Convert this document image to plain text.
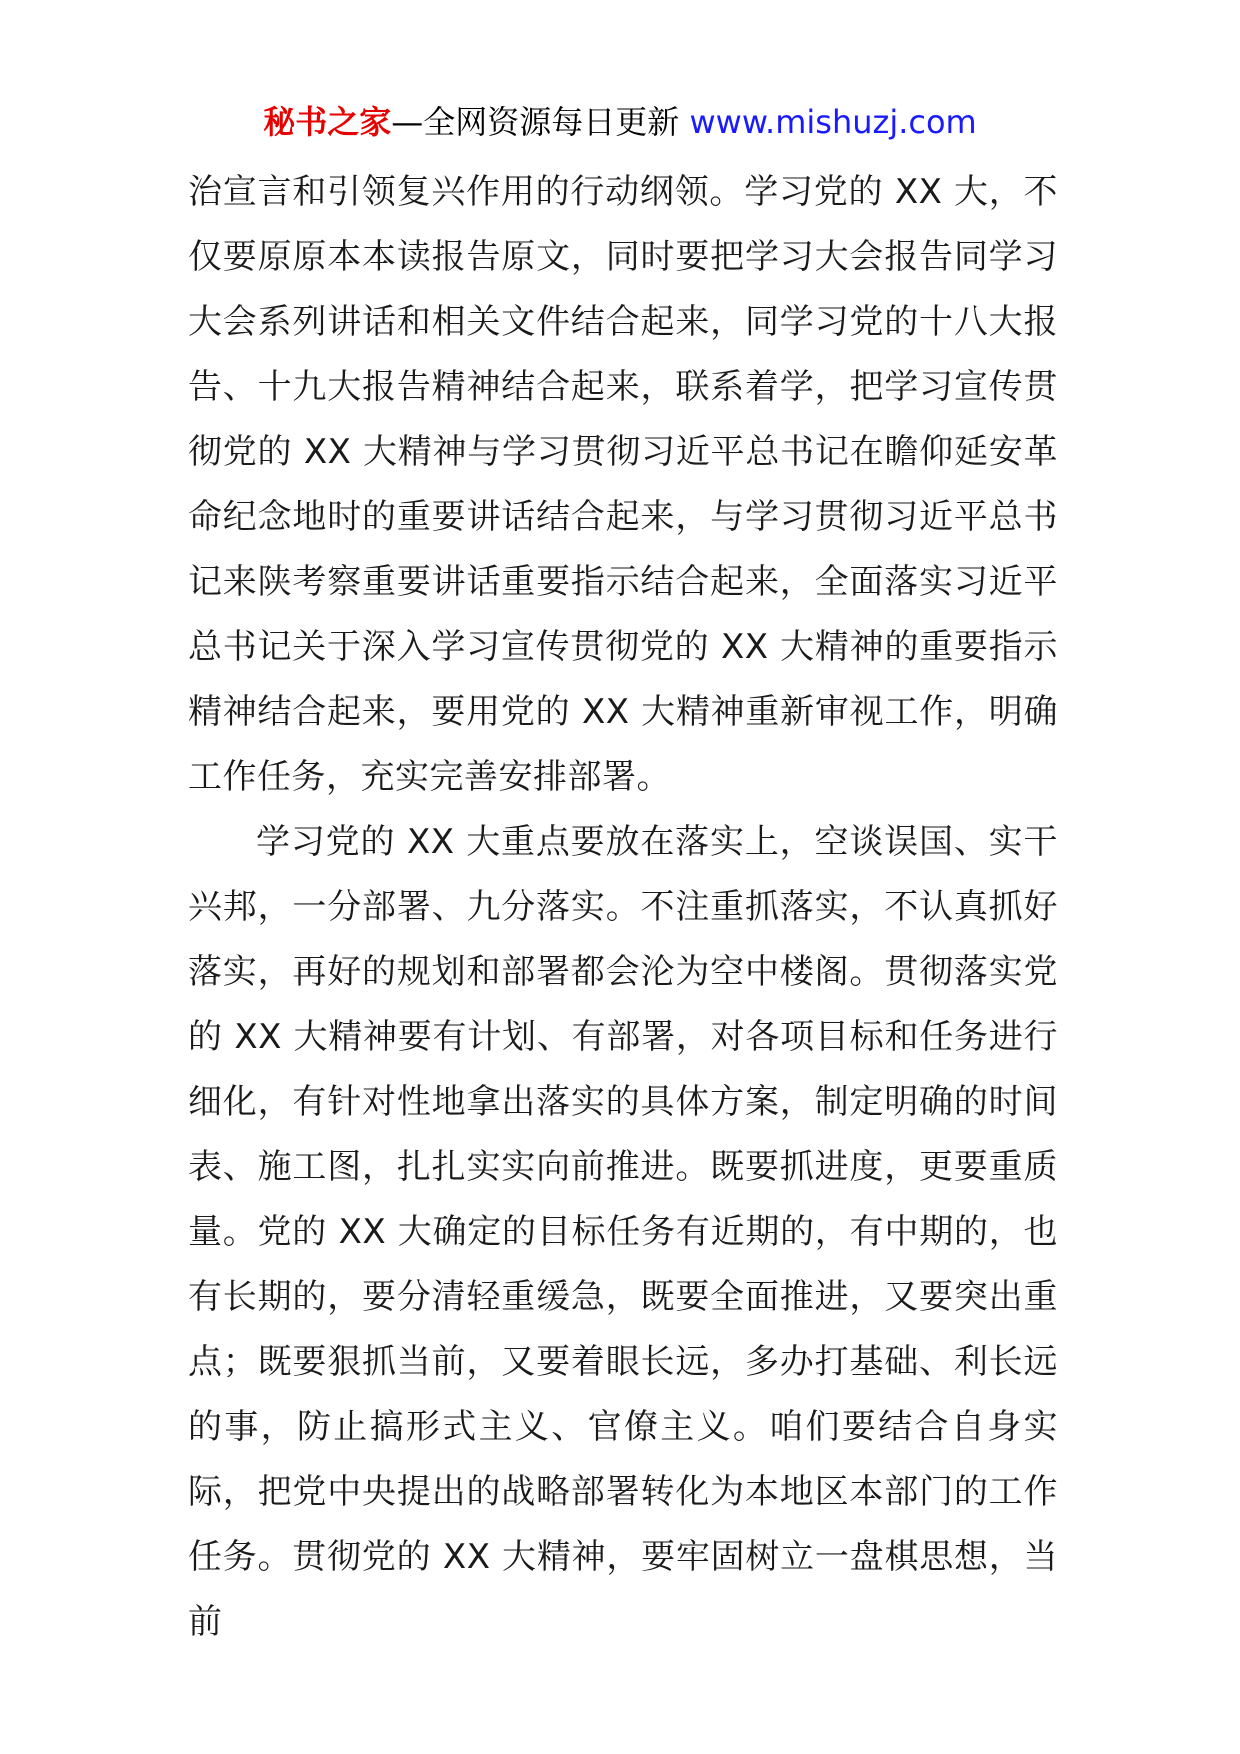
秘书之家—全网资源每日更新 www.mishuzj.com

治宣言和引领复兴作用的行动纲领。学习党的 XX 大，不仅要原原本本读报告原文，同时要把学习大会报告同学习大会系列讲话和相关文件结合起来，同学习党的十八大报告、十九大报告精神结合起来，联系着学，把学习宣传贯彻党的 XX 大精神与学习贯彻习近平总书记在瞻仰延安革命纪念地时的重要讲话结合起来，与学习贯彻习近平总书记来陕考察重要讲话重要指示结合起来，全面落实习近平总书记关于深入学习宣传贯彻党的 XX 大精神的重要指示精神结合起来，要用党的 XX 大精神重新审视工作，明确工作任务，充实完善安排部署。

学习党的 XX 大重点要放在落实上，空谈误国、实干兴邦，一分部署、九分落实。不注重抓落实，不认真抓好落实，再好的规划和部署都会沦为空中楼阁。贯彻落实党的 XX 大精神要有计划、有部署，对各项目标和任务进行细化，有针对性地拿出落实的具体方案，制定明确的时间表、施工图，扎扎实实向前推进。既要抓进度，更要重质量。党的 XX 大确定的目标任务有近期的，有中期的，也有长期的，要分清轻重缓急，既要全面推进，又要突出重点；既要狠抓当前，又要着眼长远，多办打基础、利长远的事，防止搞形式主义、官僚主义。咱们要结合自身实际，把党中央提出的战略部署转化为本地区本部门的工作任务。贯彻党的 XX 大精神，要牢固树立一盘棋思想，当前
